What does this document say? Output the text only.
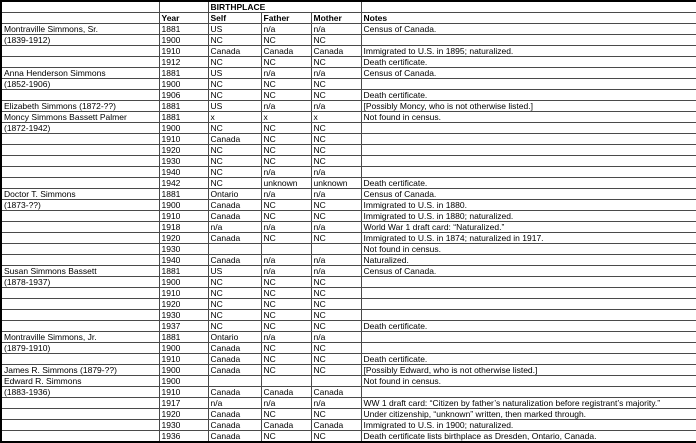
		BIRTHPLACE			
	Year	Self	Father	Mother	Notes
Montraville Simmons, Sr.	1881	US	n/a	n/a	Census of Canada.
(1839-1912)	1900	NC	NC	NC	
	1910	Canada	Canada	Canada	Immigrated to U.S. in 1895; naturalized.
	1912	NC	NC	NC	Death certificate.
Anna Henderson Simmons	1881	US	n/a	n/a	Census of Canada.
(1852-1906)	1900	NC	NC	NC	
	1906	NC	NC	NC	Death certificate.
Elizabeth Simmons (1872-??)	1881	US	n/a	n/a	[Possibly Moncy, who is not otherwise listed.]
Moncy Simmons Bassett Palmer	1881	x	x	x	Not found in census.
(1872-1942)	1900	NC	NC	NC	
	1910	Canada	NC	NC	
	1920	NC	NC	NC	
	1930	NC	NC	NC	
	1940	NC	n/a	n/a	
	1942	NC	unknown	unknown	Death certificate.
Doctor T. Simmons	1881	Ontario	n/a	n/a	Census of Canada.
(1873-??)	1900	Canada	NC	NC	Immigrated to U.S. in 1880.
	1910	Canada	NC	NC	Immigrated to U.S. in 1880; naturalized.
	1918	n/a	n/a	n/a	World War 1 draft card: “Naturalized.”
	1920	Canada	NC	NC	Immigrated to U.S. in 1874; naturalized in 1917.
	1930				Not found in census.
	1940	Canada	n/a	n/a	Naturalized.
Susan Simmons Bassett	1881	US	n/a	n/a	Census of Canada.
(1878-1937)	1900	NC	NC	NC	
	1910	NC	NC	NC	
	1920	NC	NC	NC	
	1930	NC	NC	NC	
	1937	NC	NC	NC	Death certificate.
Montraville Simmons, Jr.	1881	Ontario	n/a	n/a	
(1879-1910)	1900	Canada	NC	NC	
	1910	Canada	NC	NC	Death certificate.
James R. Simmons (1879-??)	1900	Canada	NC	NC	[Possibly Edward, who is not otherwise listed.]
Edward R. Simmons	1900				Not found in census.
(1883-1936)	1910	Canada	Canada	Canada	
	1917	n/a	n/a	n/a	WW 1 draft card: “Citizen by father’s naturalization before registrant’s majority.”
	1920	Canada	NC	NC	Under citizenship, “unknown” written, then marked through.
	1930	Canada	Canada	Canada	Immigrated to U.S. in 1900; naturalized.
	1936	Canada	NC	NC	Death certificate lists birthplace as Dresden, Ontario, Canada.
